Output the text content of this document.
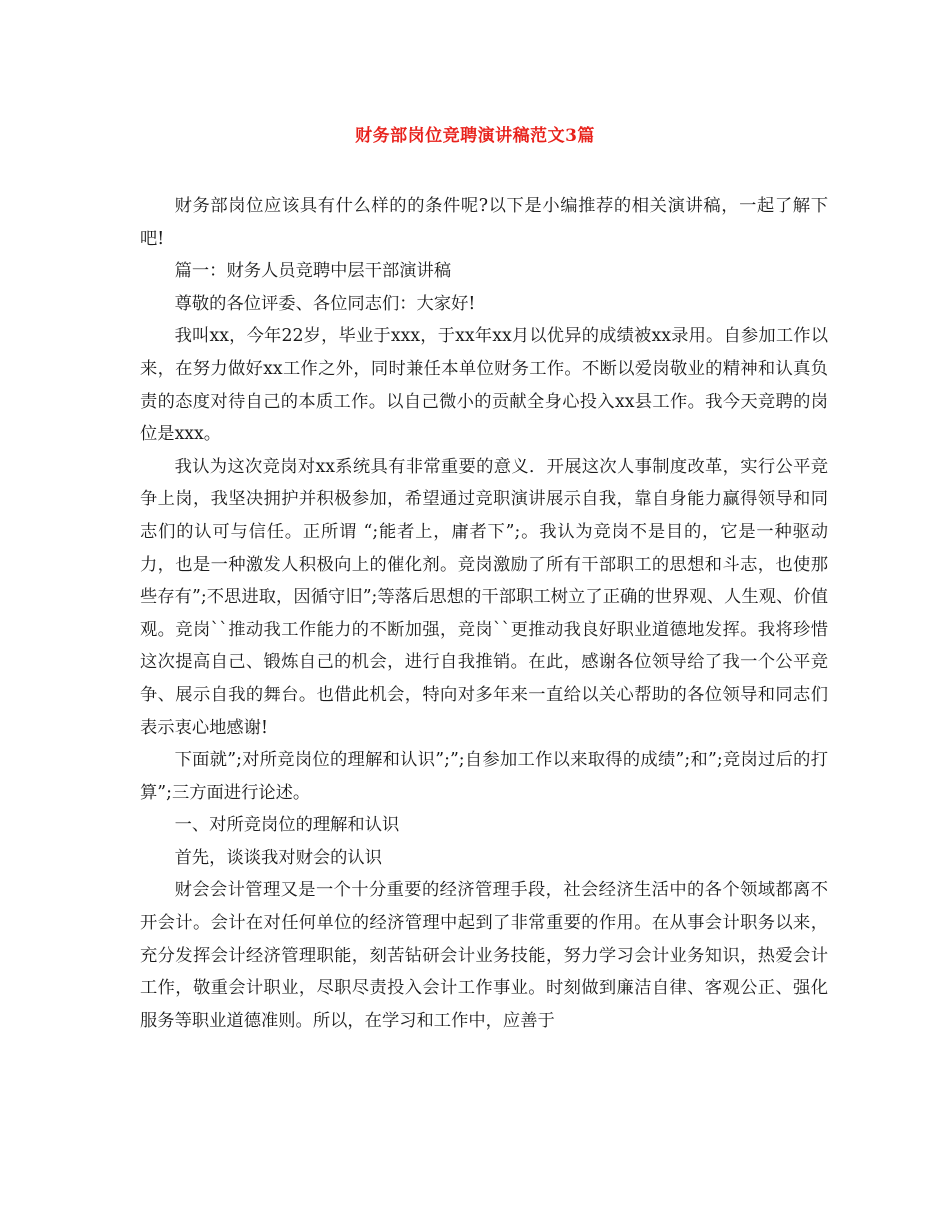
财务部岗位竞聘演讲稿范文3篇

财务部岗位应该具有什么样的的条件呢?以下是小编推荐的相关演讲稿，一起了解下吧!

篇一：财务人员竞聘中层干部演讲稿

尊敬的各位评委、各位同志们：大家好!

我叫xx，今年22岁，毕业于xxx，于xx年xx月以优异的成绩被xx录用。自参加工作以来，在努力做好xx工作之外，同时兼任本单位财务工作。不断以爱岗敬业的精神和认真负责的态度对待自己的本质工作。以自己微小的贡献全身心投入xx县工作。我今天竞聘的岗位是xxx。

我认为这次竞岗对xx系统具有非常重要的意义．开展这次人事制度改革，实行公平竞争上岗，我坚决拥护并积极参加，希望通过竞职演讲展示自我，靠自身能力赢得领导和同志们的认可与信任。正所谓 “;能者上，庸者下”;。我认为竞岗不是目的，它是一种驱动力，也是一种激发人积极向上的催化剂。竞岗激励了所有干部职工的思想和斗志，也使那些存有”;不思进取，因循守旧”;等落后思想的干部职工树立了正确的世界观、人生观、价值观。竞岗``推动我工作能力的不断加强，竞岗``更推动我良好职业道德地发挥。我将珍惜这次提高自己、锻炼自己的机会，进行自我推销。在此，感谢各位领导给了我一个公平竞争、展示自我的舞台。也借此机会，特向对多年来一直给以关心帮助的各位领导和同志们表示衷心地感谢!

下面就”;对所竞岗位的理解和认识”;”;自参加工作以来取得的成绩”;和”;竞岗过后的打算”;三方面进行论述。

一、对所竞岗位的理解和认识

首先，谈谈我对财会的认识

财会会计管理又是一个十分重要的经济管理手段，社会经济生活中的各个领域都离不开会计。会计在对任何单位的经济管理中起到了非常重要的作用。在从事会计职务以来，充分发挥会计经济管理职能，刻苦钻研会计业务技能，努力学习会计业务知识，热爱会计工作，敬重会计职业，尽职尽责投入会计工作事业。时刻做到廉洁自律、客观公正、强化服务等职业道德准则。所以，在学习和工作中，应善于
